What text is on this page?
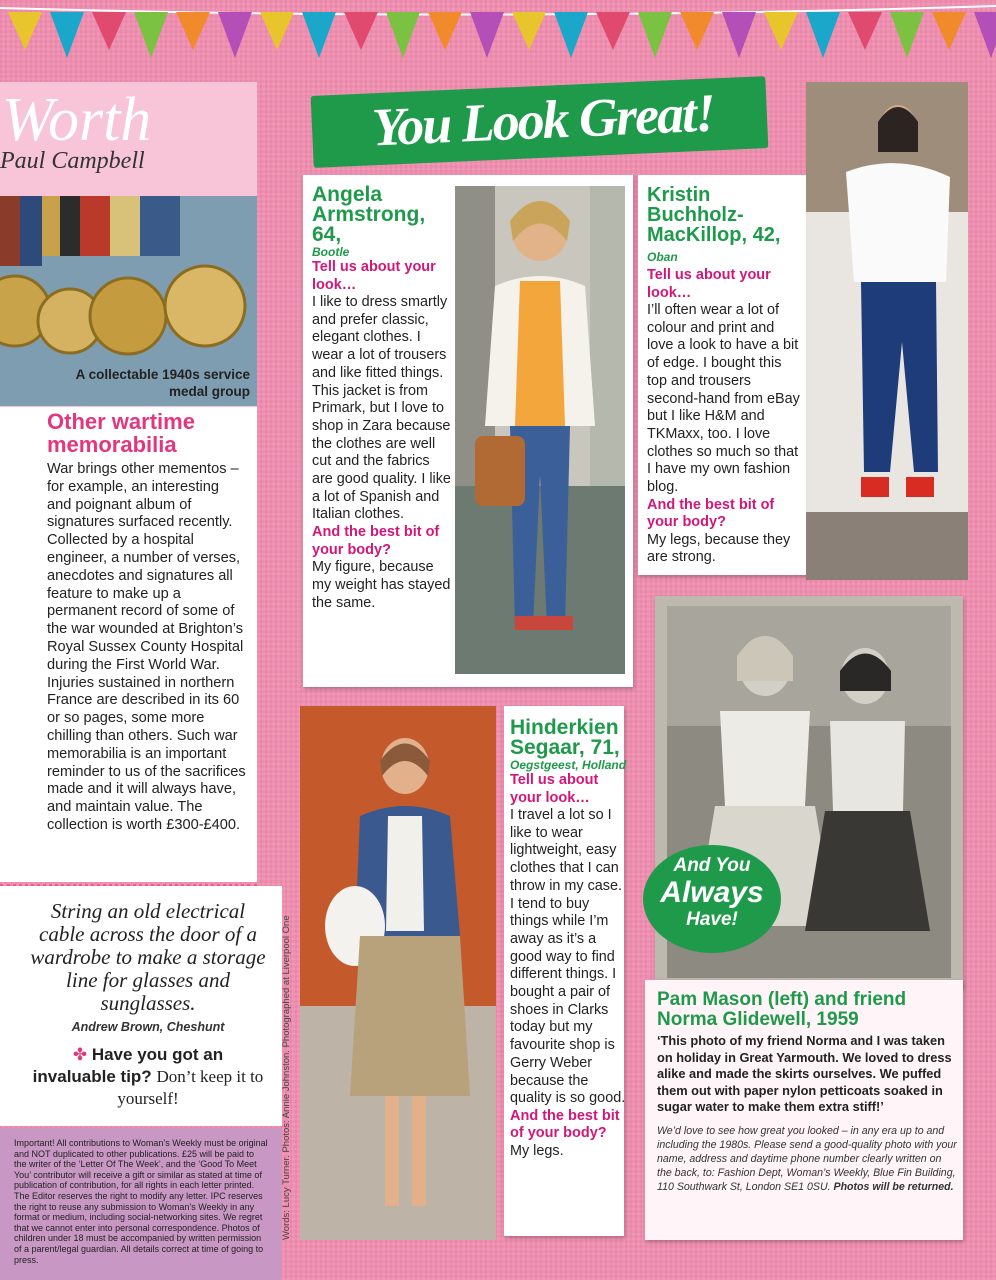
Worth
Paul Campbell
A collectable 1940s service medal group
Other wartime memorabilia
War brings other mementos – for example, an interesting and poignant album of signatures surfaced recently. Collected by a hospital engineer, a number of verses, anecdotes and signatures all feature to make up a permanent record of some of the war wounded at Brighton’s Royal Sussex County Hospital during the First World War. Injuries sustained in northern France are described in its 60 or so pages, some more chilling than others. Such war memorabilia is an important reminder to us of the sacrifices made and it will always have, and maintain value. The collection is worth £300-£400.
String an old electrical cable across the door of a wardrobe to make a storage line for glasses and sunglasses.
Andrew Brown, Cheshunt
✤ Have you got an invaluable tip? Don’t keep it to yourself!
Important! All contributions to Woman’s Weekly must be original and NOT duplicated to other publications. £25 will be paid to the writer of the ‘Letter Of The Week’, and the ‘Good To Meet You’ contributor will receive a gift or similar as stated at time of publication of contribution, for all rights in each letter printed. The Editor reserves the right to modify any letter. IPC reserves the right to reuse any submission to Woman’s Weekly in any format or medium, including social-networking sites. We regret that we cannot enter into personal correspondence. Photos of children under 18 must be accompanied by written permission of a parent/legal guardian. All details correct at time of going to press.
Words: Lucy Turner. Photos: Annie Johnston. Photographed at Liverpool One
You Look Great!
Angela Armstrong, 64,
Bootle
Tell us about your look…
I like to dress smartly and prefer classic, elegant clothes. I wear a lot of trousers and like fitted things. This jacket is from Primark, but I love to shop in Zara because the clothes are well cut and the fabrics are good quality. I like a lot of Spanish and Italian clothes.
And the best bit of your body?
My figure, because my weight has stayed the same.
Kristin Buchholz-MacKillop, 42, Oban
Tell us about your look…
I’ll often wear a lot of colour and print and love a look to have a bit of edge. I bought this top and trousers second-hand from eBay but I like H&M and TKMaxx, too. I love clothes so much so that I have my own fashion blog.
And the best bit of your body?
My legs, because they are strong.
Hinderkien Segaar, 71,
Oegstgeest, Holland
Tell us about your look…
I travel a lot so I like to wear lightweight, easy clothes that I can throw in my case. I tend to buy things while I’m away as it’s a good way to find different things. I bought a pair of shoes in Clarks today but my favourite shop is Gerry Weber because the quality is so good.
And the best bit of your body?
My legs.
And You
Always
Have!
Pam Mason (left) and friend Norma Glidewell, 1959
‘This photo of my friend Norma and I was taken on holiday in Great Yarmouth. We loved to dress alike and made the skirts ourselves. We puffed them out with paper nylon petticoats soaked in sugar water to make them extra stiff!’
We’d love to see how great you looked – in any era up to and including the 1980s. Please send a good-quality photo with your name, address and daytime phone number clearly written on the back, to: Fashion Dept, Woman’s Weekly, Blue Fin Building, 110 Southwark St, London SE1 0SU. Photos will be returned.
